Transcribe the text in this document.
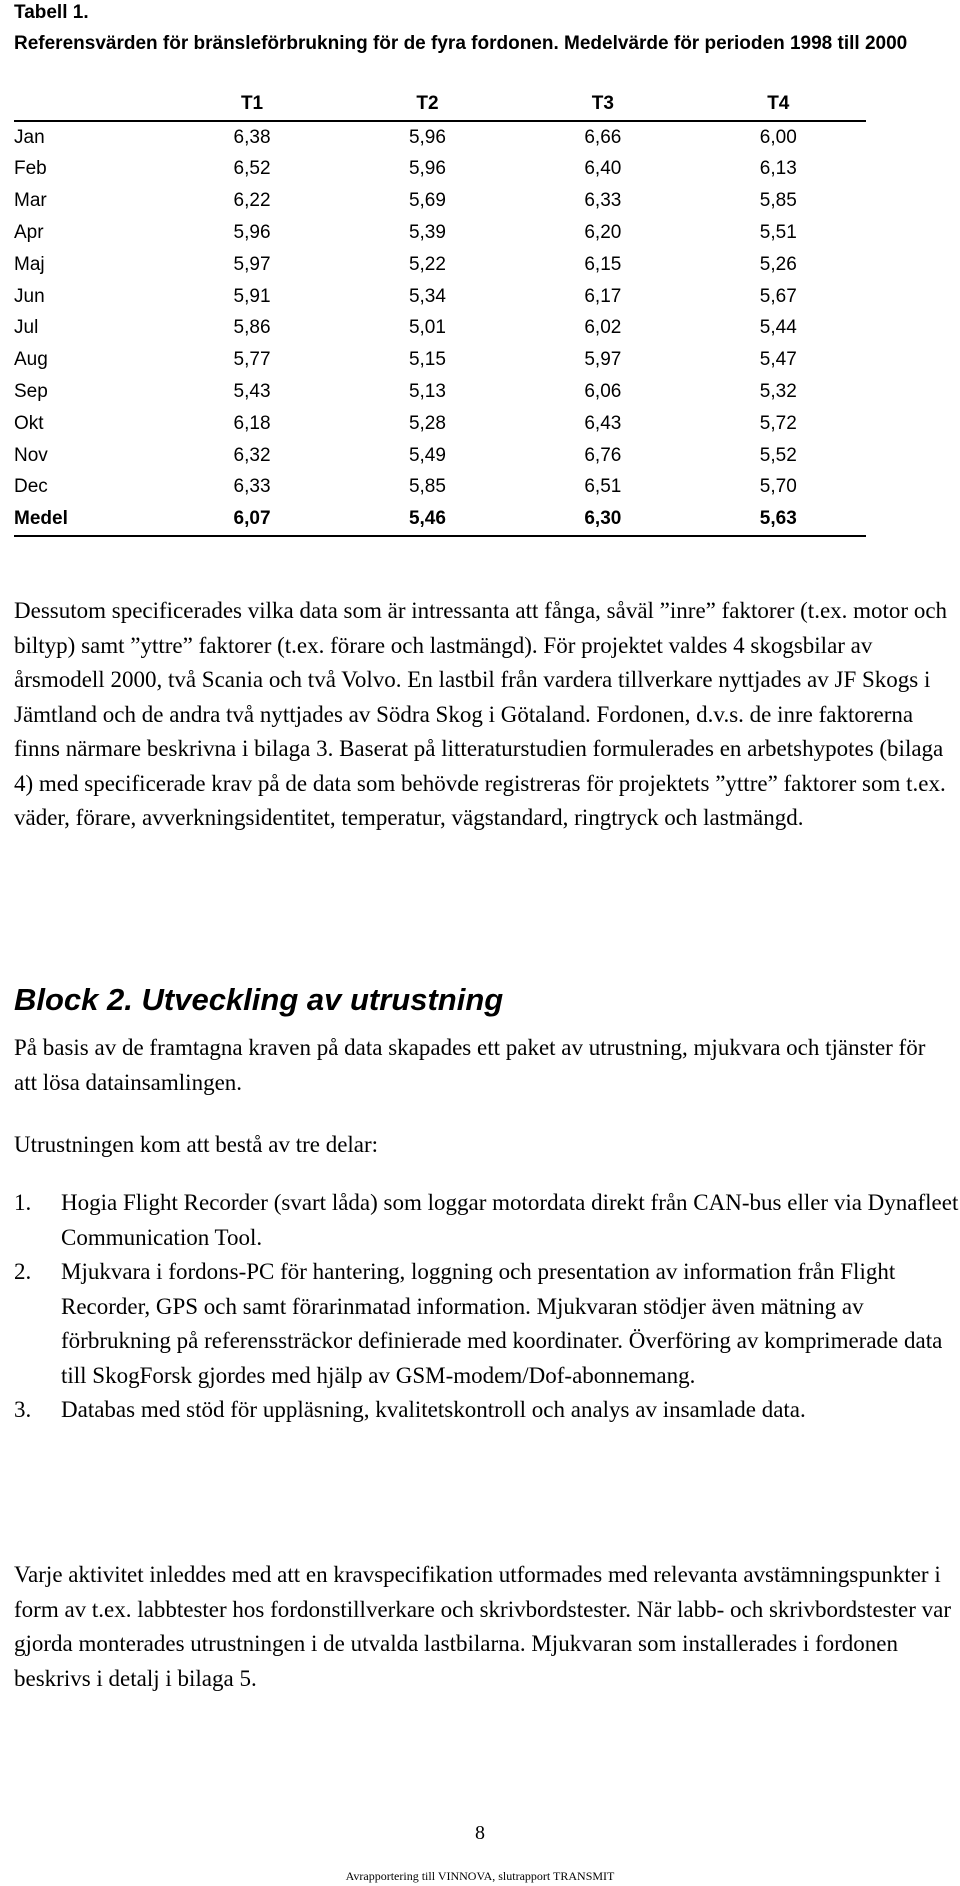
Tabell 1.
Referensvärden för bränsleförbrukning för de fyra fordonen. Medelvärde för perioden 1998 till 2000
	T1	T2	T3	T4
Jan	6,38	5,96	6,66	6,00
Feb	6,52	5,96	6,40	6,13
Mar	6,22	5,69	6,33	5,85
Apr	5,96	5,39	6,20	5,51
Maj	5,97	5,22	6,15	5,26
Jun	5,91	5,34	6,17	5,67
Jul	5,86	5,01	6,02	5,44
Aug	5,77	5,15	5,97	5,47
Sep	5,43	5,13	6,06	5,32
Okt	6,18	5,28	6,43	5,72
Nov	6,32	5,49	6,76	5,52
Dec	6,33	5,85	6,51	5,70
Medel	6,07	5,46	6,30	5,63
Dessutom specificerades vilka data som är intressanta att fånga, såväl ”inre” faktorer (t.ex. motor och biltyp) samt ”yttre” faktorer (t.ex. förare och lastmängd). För projektet valdes 4 skogsbilar av årsmodell 2000, två Scania och två Volvo. En lastbil från vardera tillverkare nyttjades av JF Skogs i Jämtland och de andra två nyttjades av Södra Skog i Götaland. Fordonen, d.v.s. de inre faktorerna finns närmare beskrivna i bilaga 3. Baserat på litteraturstudien formulerades en arbetshypotes (bilaga 4) med specificerade krav på de data som behövde registreras för projektets ”yttre” faktorer som t.ex. väder, förare, avverkningsidentitet, temperatur, vägstandard, ringtryck och lastmängd.
Block 2. Utveckling av utrustning
På basis av de framtagna kraven på data skapades ett paket av utrustning, mjukvara och tjänster för att lösa datainsamlingen.
Utrustningen kom att bestå av tre delar:
1. Hogia Flight Recorder (svart låda) som loggar motordata direkt från CAN-bus eller via Dynafleet Communication Tool.
2. Mjukvara i fordons-PC för hantering, loggning och presentation av information från Flight Recorder, GPS och samt förarinmatad information. Mjukvaran stödjer även mätning av förbrukning på referenssträckor definierade med koordinater. Överföring av komprimerade data till SkogForsk gjordes med hjälp av GSM-modem/Dof-abonnemang.
3. Databas med stöd för uppläsning, kvalitetskontroll och analys av insamlade data.
Varje aktivitet inleddes med att en kravspecifikation utformades med relevanta avstämningspunkter i form av t.ex. labbtester hos fordonstillverkare och skrivbordstester. När labb- och skrivbordstester var gjorda monterades utrustningen i de utvalda lastbilarna. Mjukvaran som installerades i fordonen beskrivs i detalj i bilaga 5.
8
Avrapportering till VINNOVA, slutrapport TRANSMIT
